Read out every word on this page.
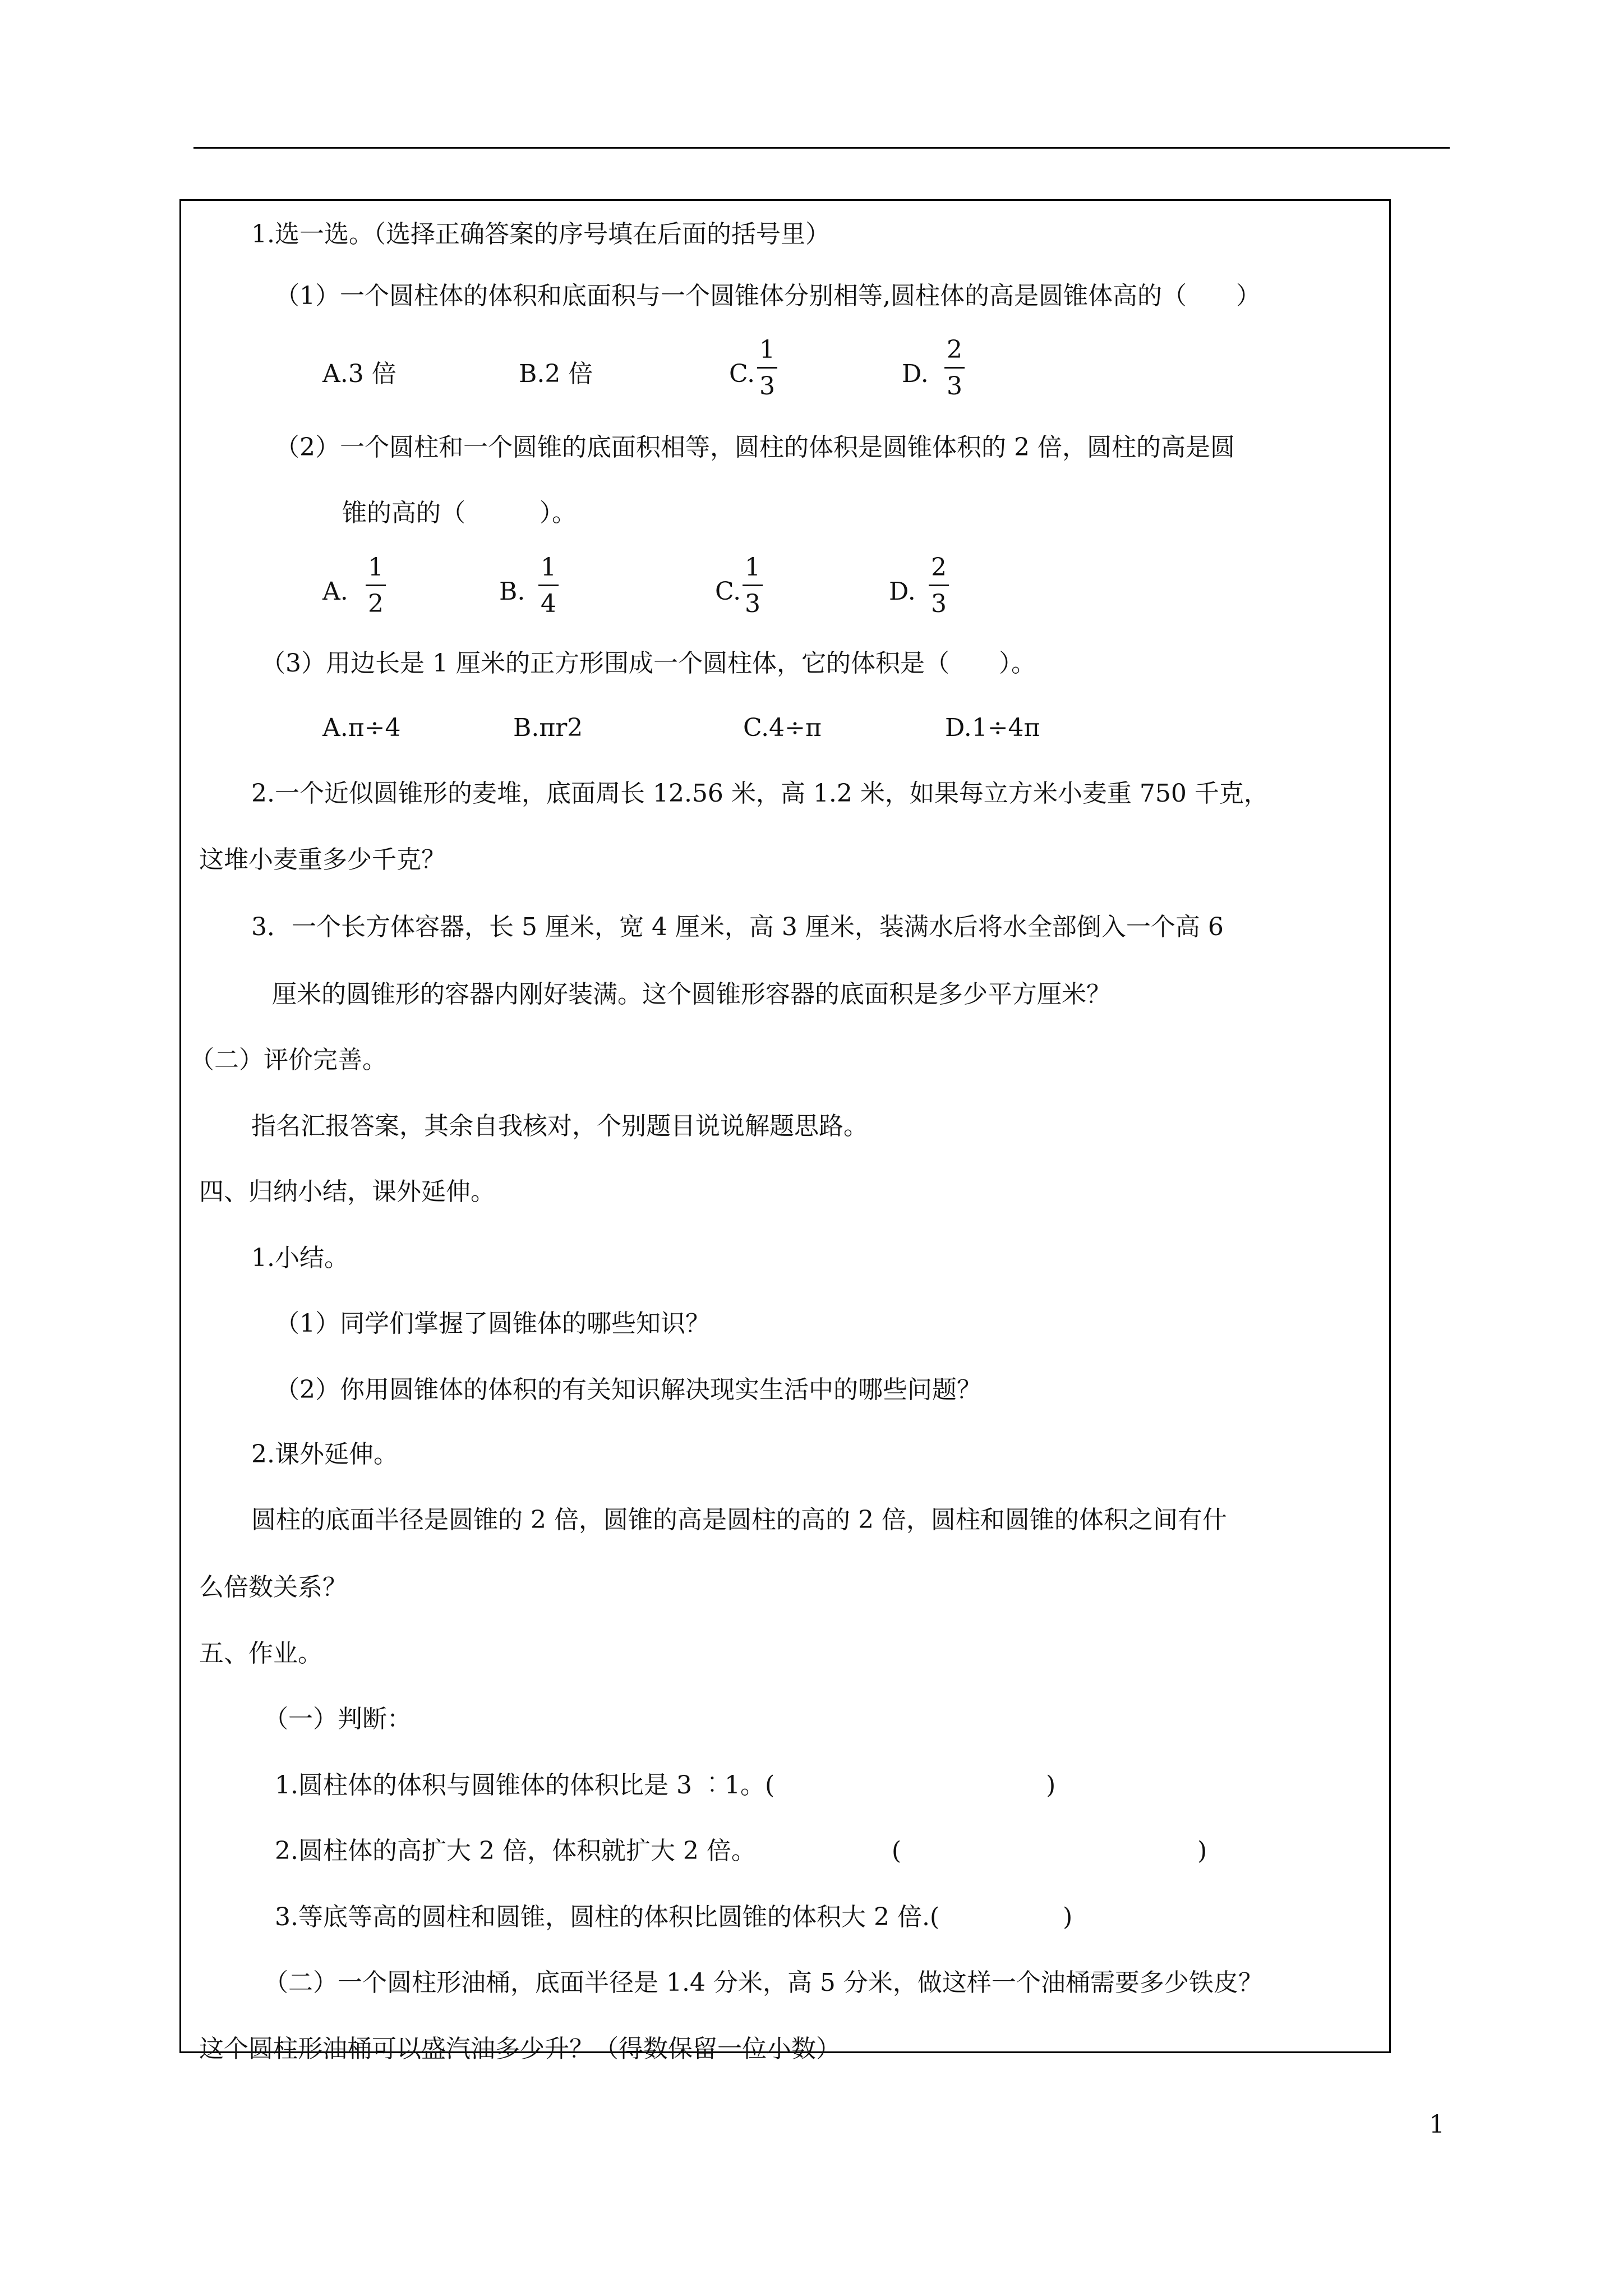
1.选一选。（选择正确答案的序号填在后面的括号里）
（1）一个圆柱体的体积和底面积与一个圆锥体分别相等,圆柱体的高是圆锥体高的（　　）
A.3 倍	B.2 倍	C.
1
3	D.
2
3
（2）一个圆柱和一个圆锥的底面积相等，圆柱的体积是圆锥体积的 2 倍，圆柱的高是圆
锥的高的（　　　）。
A.
1
2	B.
1
4	C.
1
3	D.
2
3
（3）用边长是 1 厘米的正方形围成一个圆柱体，它的体积是（　　）。
A.π÷4	B.πr2	C.4÷π	D.1÷4π
2.一个近似圆锥形的麦堆，底面周长 12.56 米，高 1.2 米，如果每立方米小麦重 750 千克，
这堆小麦重多少千克？
3．一个长方体容器，长 5 厘米，宽 4 厘米，高 3 厘米，装满水后将水全部倒入一个高 6
厘米的圆锥形的容器内刚好装满。这个圆锥形容器的底面积是多少平方厘米？
（二）评价完善。
指名汇报答案，其余自我核对，个别题目说说解题思路。
四、归纳小结，课外延伸。
1.小结。
（1）同学们掌握了圆锥体的哪些知识？
（2）你用圆锥体的体积的有关知识解决现实生活中的哪些问题？
2.课外延伸。
圆柱的底面半径是圆锥的 2 倍，圆锥的高是圆柱的高的 2 倍，圆柱和圆锥的体积之间有什
么倍数关系？
五、作业。
（一）判断：
1.圆柱体的体积与圆锥体的体积比是 3 ︰1。(　　　　　　　　　　　)
2.圆柱体的高扩大 2 倍，体积就扩大 2 倍。　　　　　　(　　　　　　　　　　　　)
3.等底等高的圆柱和圆锥，圆柱的体积比圆锥的体积大 2 倍.(　　　　　)
（二）一个圆柱形油桶，底面半径是 1.4 分米，高 5 分米，做这样一个油桶需要多少铁皮？
这个圆柱形油桶可以盛汽油多少升？（得数保留一位小数）
1
